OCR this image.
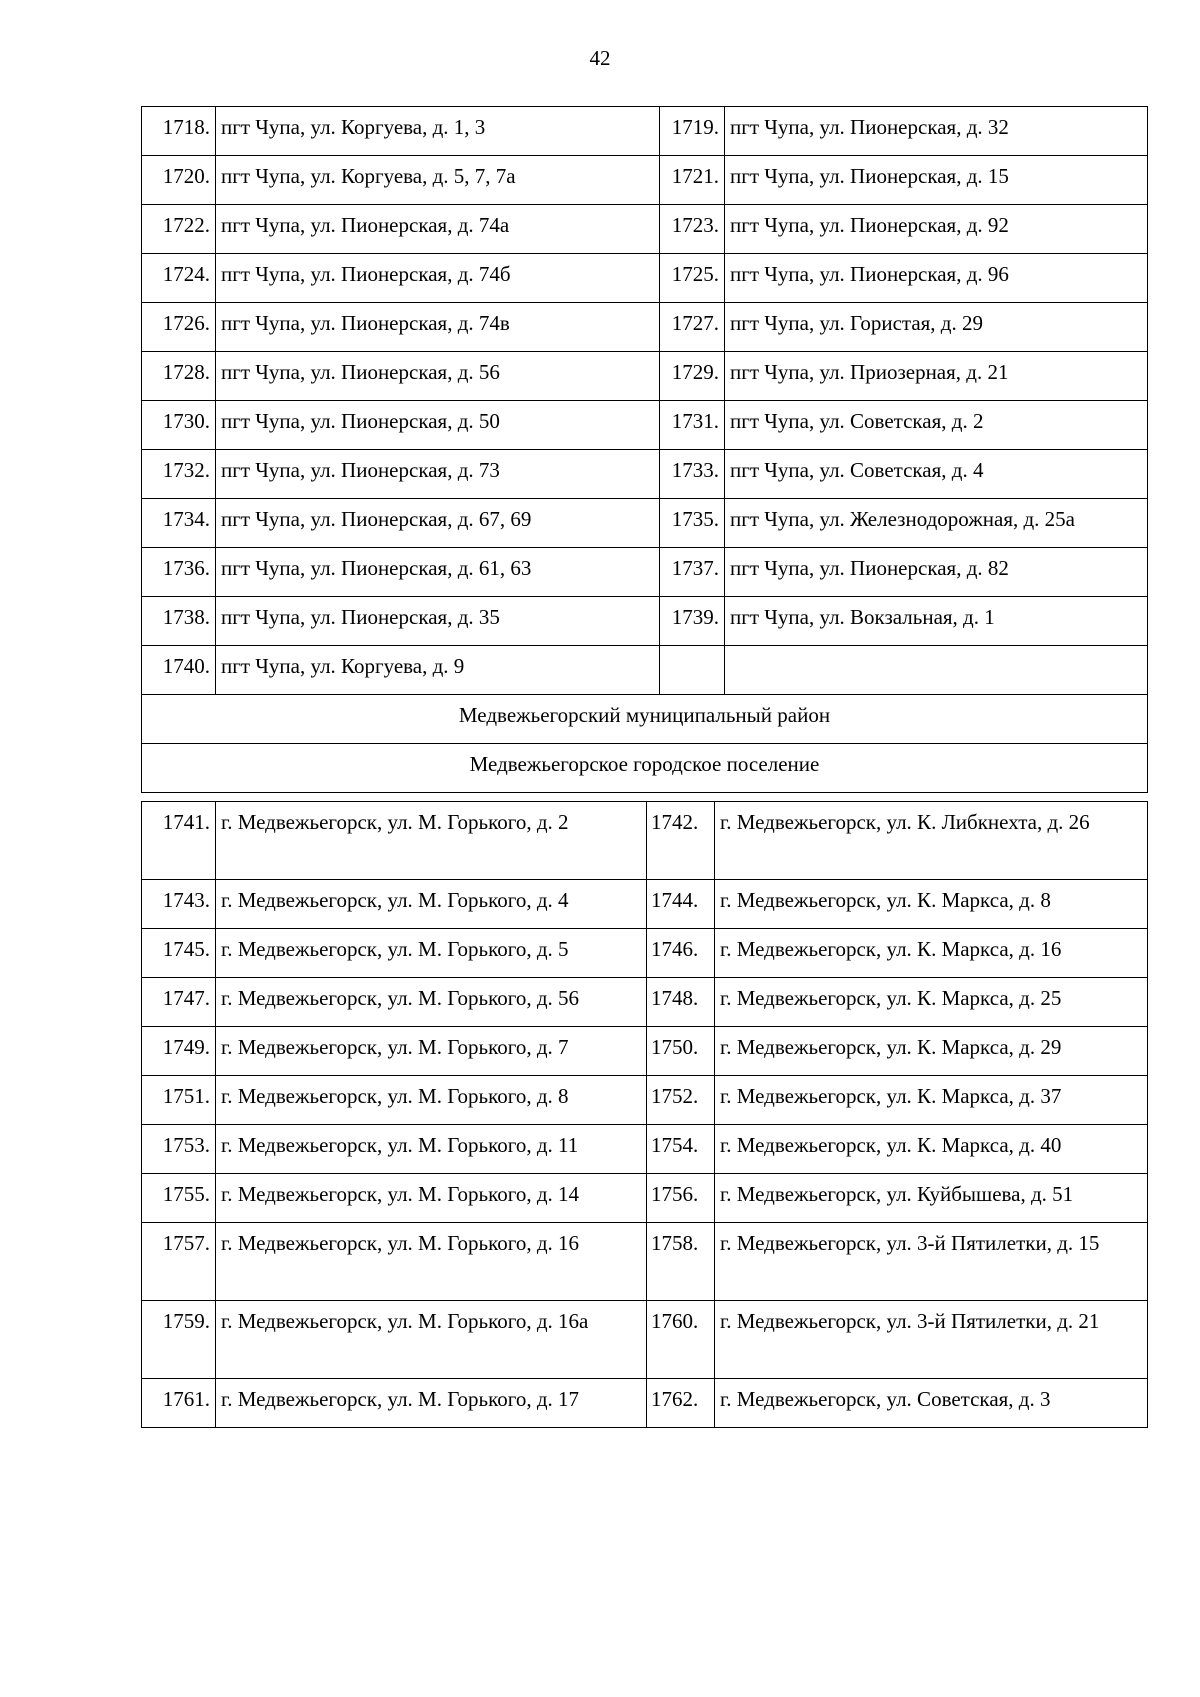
42
1718.	пгт Чупа, ул. Коргуева, д. 1, 3	1719.	пгт Чупа, ул. Пионерская, д. 32
1720.	пгт Чупа, ул. Коргуева, д. 5, 7, 7а	1721.	пгт Чупа, ул. Пионерская, д. 15
1722.	пгт Чупа, ул. Пионерская, д. 74а	1723.	пгт Чупа, ул. Пионерская, д. 92
1724.	пгт Чупа, ул. Пионерская, д. 74б	1725.	пгт Чупа, ул. Пионерская, д. 96
1726.	пгт Чупа, ул. Пионерская, д. 74в	1727.	пгт Чупа, ул. Гористая, д. 29
1728.	пгт Чупа, ул. Пионерская, д. 56	1729.	пгт Чупа, ул. Приозерная, д. 21
1730.	пгт Чупа, ул. Пионерская, д. 50	1731.	пгт Чупа, ул. Советская, д. 2
1732.	пгт Чупа, ул. Пионерская, д. 73	1733.	пгт Чупа, ул. Советская, д. 4
1734.	пгт Чупа, ул. Пионерская, д. 67, 69	1735.	пгт Чупа, ул. Железнодорожная, д. 25а
1736.	пгт Чупа, ул. Пионерская, д. 61, 63	1737.	пгт Чупа, ул. Пионерская, д. 82
1738.	пгт Чупа, ул. Пионерская, д. 35	1739.	пгт Чупа, ул. Вокзальная, д. 1
1740.	пгт Чупа, ул. Коргуева, д. 9		
Медвежьегорский муниципальный район			
Медвежьегорское городское поселение			
1741.	г. Медвежьегорск, ул. М. Горького, д. 2	1742.	г. Медвежьегорск, ул. К. Либкнехта, д. 26
1743.	г. Медвежьегорск, ул. М. Горького, д. 4	1744.	г. Медвежьегорск, ул. К. Маркса, д. 8
1745.	г. Медвежьегорск, ул. М. Горького, д. 5	1746.	г. Медвежьегорск, ул. К. Маркса, д. 16
1747.	г. Медвежьегорск, ул. М. Горького, д. 56	1748.	г. Медвежьегорск, ул. К. Маркса, д. 25
1749.	г. Медвежьегорск, ул. М. Горького, д. 7	1750.	г. Медвежьегорск, ул. К. Маркса, д. 29
1751.	г. Медвежьегорск, ул. М. Горького, д. 8	1752.	г. Медвежьегорск, ул. К. Маркса, д. 37
1753.	г. Медвежьегорск, ул. М. Горького, д. 11	1754.	г. Медвежьегорск, ул. К. Маркса, д. 40
1755.	г. Медвежьегорск, ул. М. Горького, д. 14	1756.	г. Медвежьегорск, ул. Куйбышева, д. 51
1757.	г. Медвежьегорск, ул. М. Горького, д. 16	1758.	г. Медвежьегорск, ул. 3-й Пятилетки, д. 15
1759.	г. Медвежьегорск, ул. М. Горького, д. 16а	1760.	г. Медвежьегорск, ул. 3-й Пятилетки, д. 21
1761.	г. Медвежьегорск, ул. М. Горького, д. 17	1762.	г. Медвежьегорск, ул. Советская, д. 3
